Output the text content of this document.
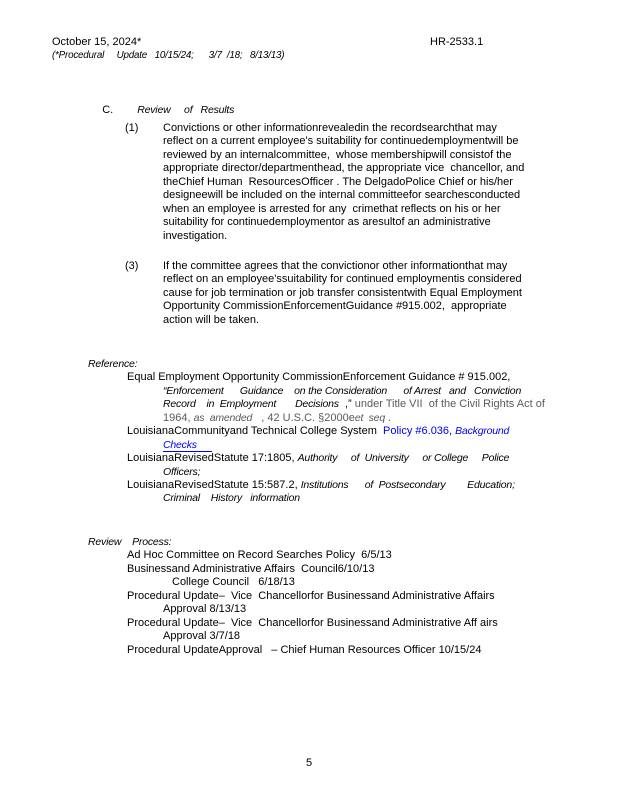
October 15, 2024*	HR-2533.1
(*Procedural     Update   10/15/24;      3/7  /18;   8/13/13)

C. Review     of   Results

(1) Convictions or other informationrevealedin the recordsearchthat may
reflect on a current employee's suitability for continuedemploymentwill be
reviewed by an internalcommittee,  whose membershipwill consistof the
appropriate director/departmenthead, the appropriate vice  chancellor, and
theChief Human  ResourcesOfficer . The DelgadoPolice Chief or his/her
designeewill be included on the internal committeefor searchesconducted
when an employee is arrested for any  crimethat reflects on his or her
suitability for continuedemploymentor as aresultof an administrative
investigation.
(3) If the committee agrees that the convictionor other informationthat may
reflect on an employee'ssuitability for continued employmentis considered
cause for job termination or job transfer consistentwith Equal Employment
Opportunity CommissionEnforcementGuidance #915.002,  appropriate
action will be taken.
Reference:
Equal Employment Opportunity CommissionEnforcement Guidance # 915.002,
“Enforcement      Guidance    on the Consideration      of Arrest   and   Conviction
Record    in  Employment       Decisions  ,” under Title VII  of the Civil Rights Act of
1964, as  amended   , 42 U.S.C. §2000eet  seq .
LouisianaCommunityand Technical College System  Policy #6.036, Background
Checks
LouisianaRevisedStatute 17:1805, Authority     of  University     or College     Police
Officers;
LouisianaRevisedStatute 15:587.2, Institutions      of  Postsecondary        Education;
Criminal    History   information
Review    Process:
Ad Hoc Committee on Record Searches Policy  6/5/13
Businessand Administrative Affairs  Council6/10/13
College Council   6/18/13
Procedural Update–  Vice  Chancellorfor Businessand Administrative Affairs
Approval 8/13/13
Procedural Update–  Vice  Chancellorfor Businessand Administrative Aff airs
Approval 3/7/18
Procedural UpdateApproval   – Chief Human Resources Officer 10/15/24
5
